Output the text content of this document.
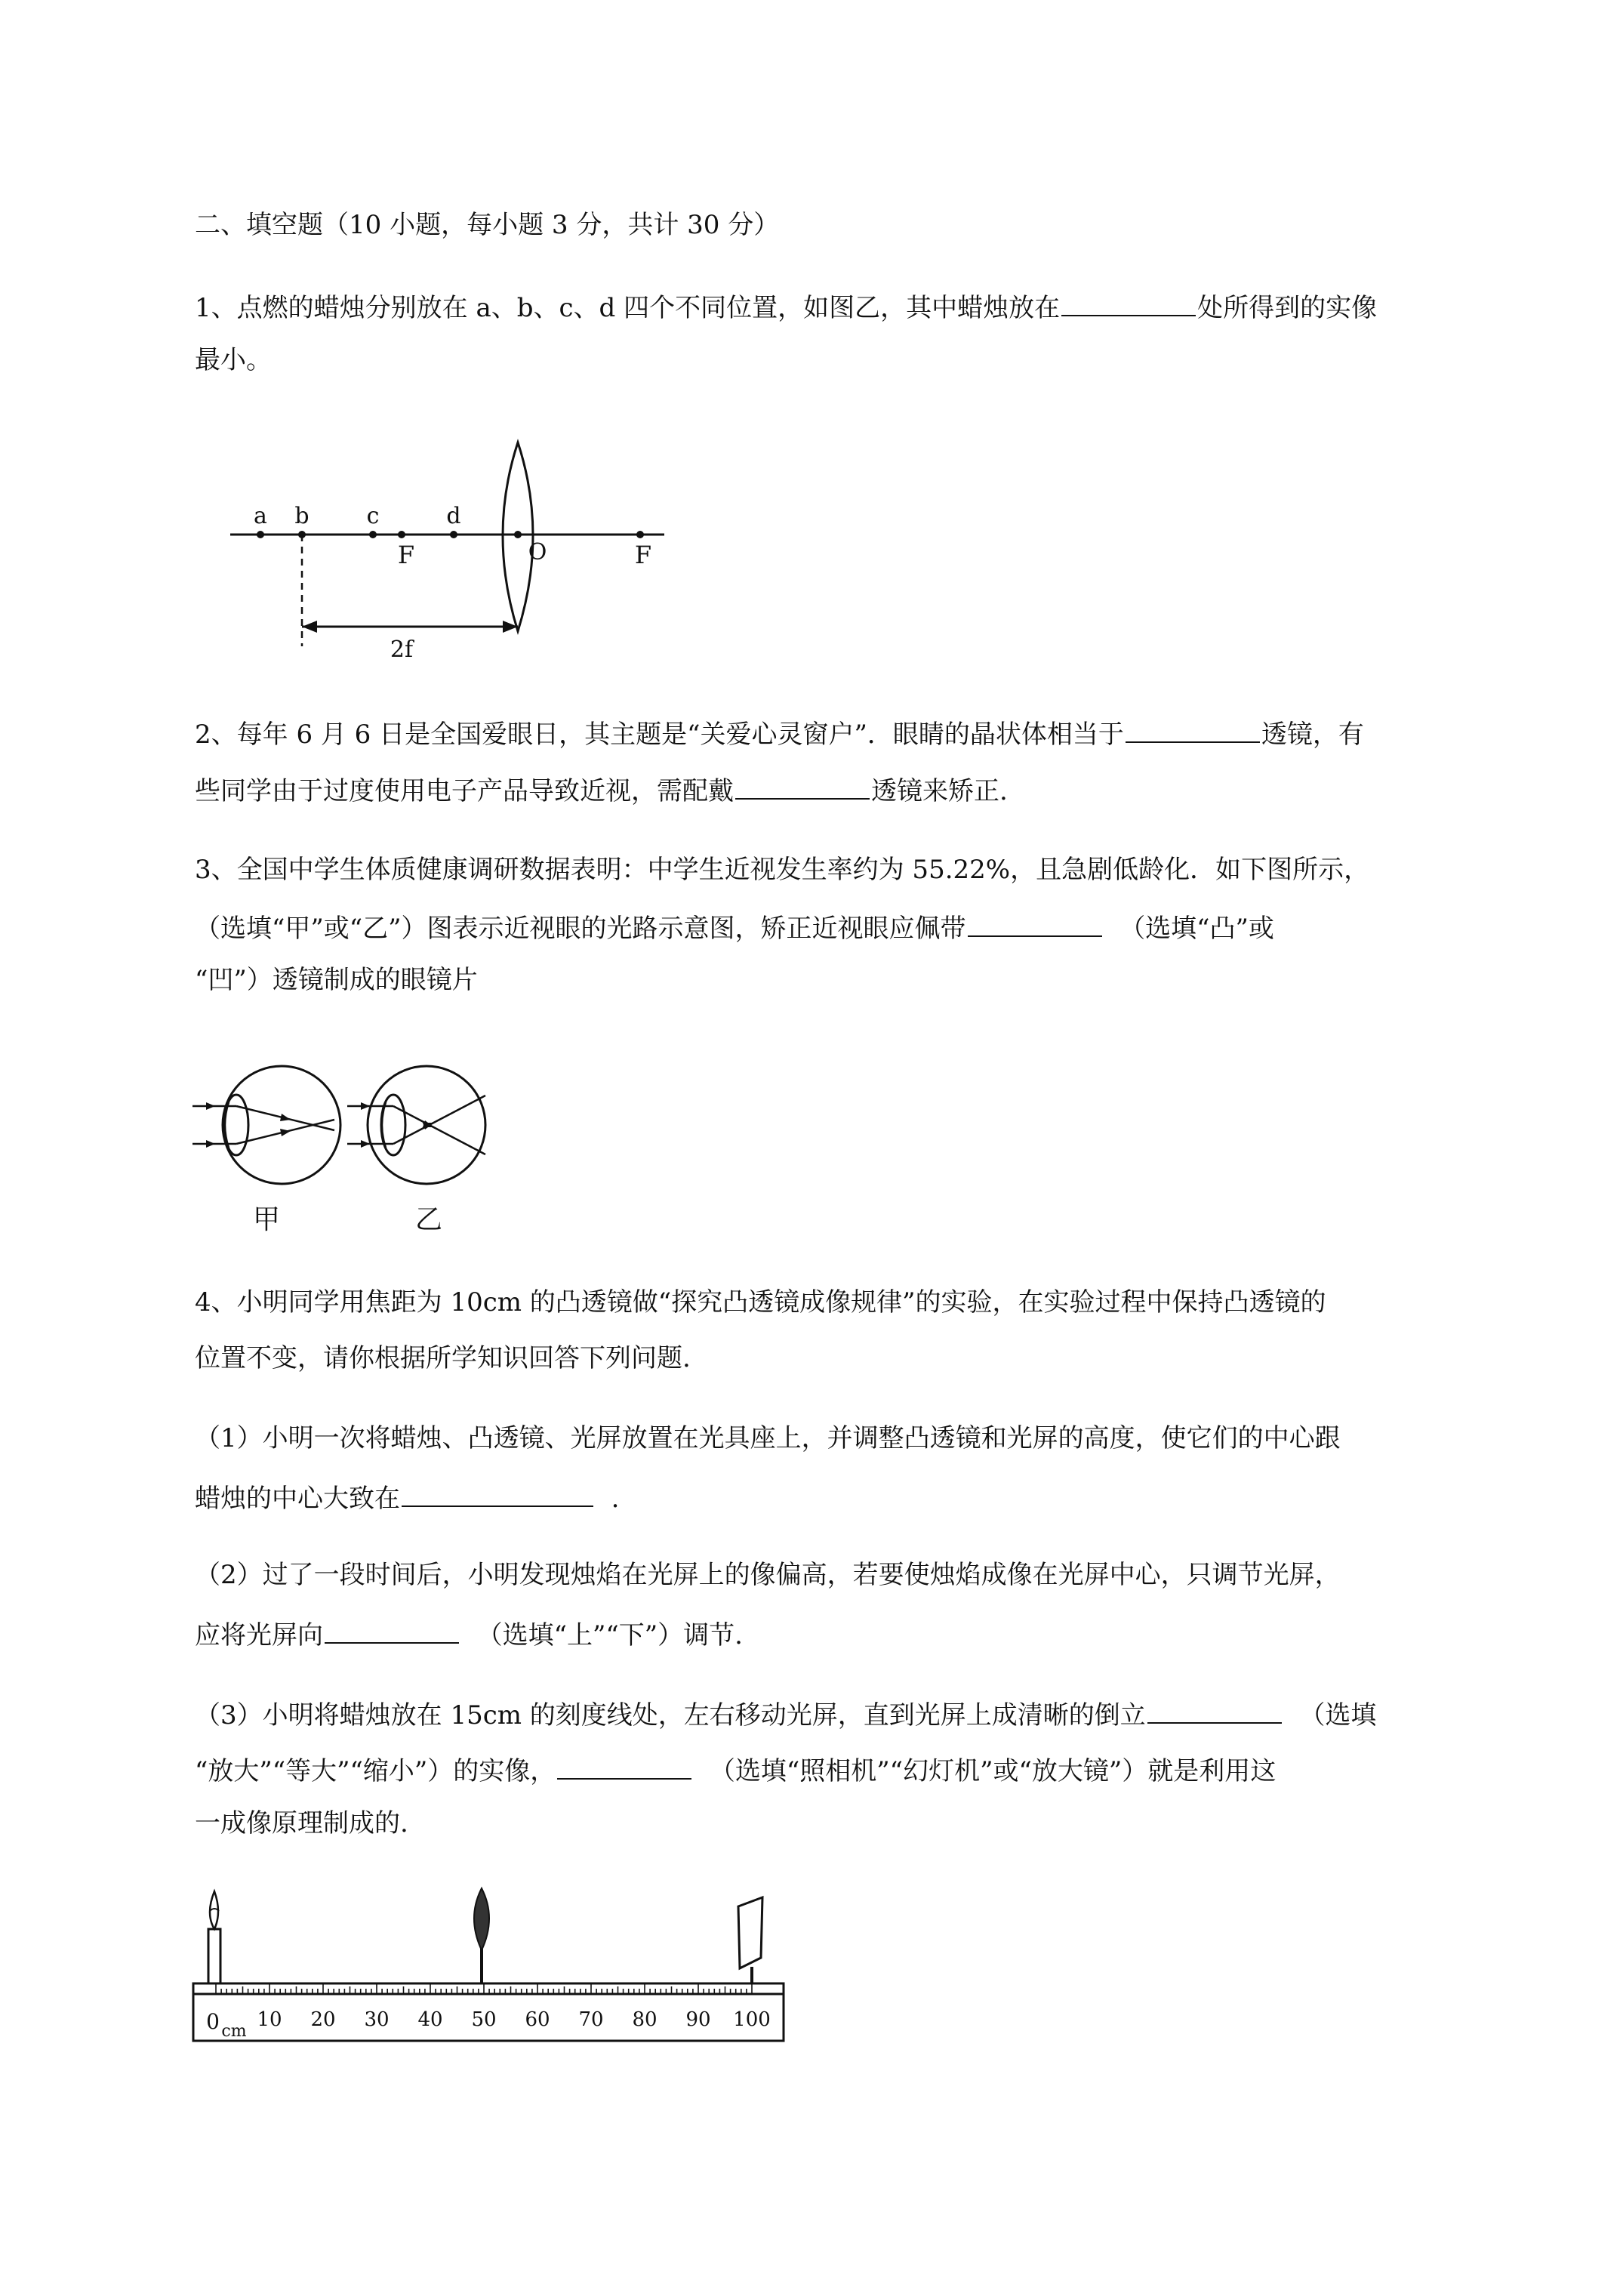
二、填空题（10 小题，每小题 3 分，共计 30 分）
1、点燃的蜡烛分别放在 a、b、c、d 四个不同位置，如图乙，其中蜡烛放在	处所得到的实像
最小。
a b	c	d
F	O	F
2f
2、每年 6 月 6 日是全国爱眼日，其主题是“关爱心灵窗户”．眼睛的晶状体相当于	透镜，有
些同学由于过度使用电子产品导致近视，需配戴	透镜来矫正.
3、全国中学生体质健康调研数据表明：中学生近视发生率约为 55.22%，且急剧低龄化．如下图所示，
（选填“甲”或“乙”）图表示近视眼的光路示意图，矫正近视眼应佩带	（选填“凸”或
“凹”）透镜制成的眼镜片
甲	乙
4、小明同学用焦距为 10cm 的凸透镜做“探究凸透镜成像规律”的实验，在实验过程中保持凸透镜的
位置不变，请你根据所学知识回答下列问题.
（1）小明一次将蜡烛、凸透镜、光屏放置在光具座上，并调整凸透镜和光屏的高度，使它们的中心跟
蜡烛的中心大致在	.
（2）过了一段时间后，小明发现烛焰在光屏上的像偏高，若要使烛焰成像在光屏中心，只调节光屏，
应将光屏向	（选填“上”“下”）调节.
（3）小明将蜡烛放在 15cm 的刻度线处，左右移动光屏，直到光屏上成清晰的倒立	（选填
“放大”“等大”“缩小”）的实像，	（选填“照相机”“幻灯机”或“放大镜”）就是利用这
一成像原理制成的.
0 cm
10 20 30 40 50 60 70 80 90 100
